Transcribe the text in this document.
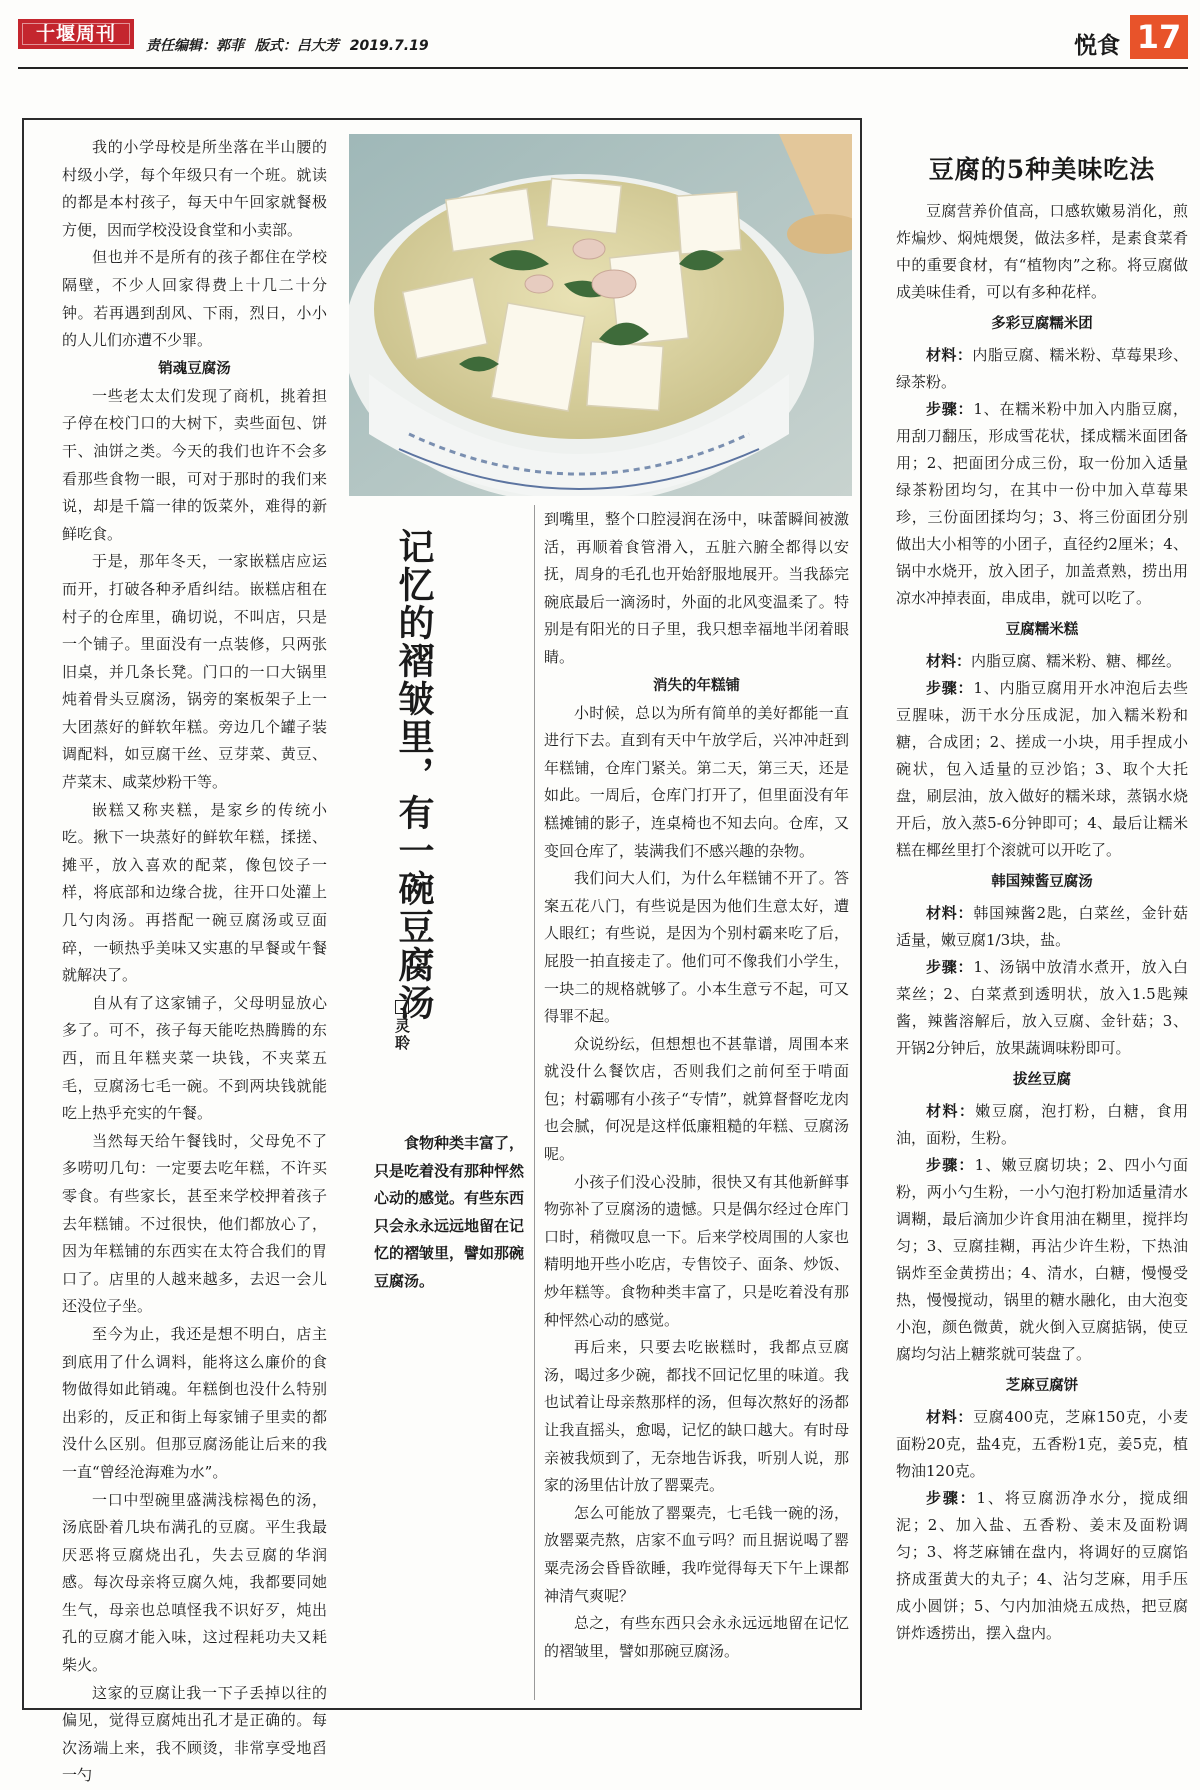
十堰周刊
责任编辑：郭菲 版式：吕大芳 2019.7.19	悦食 17

我的小学母校是所坐落在半山腰的村级小学，每个年级只有一个班。就读的都是本村孩子，每天中午回家就餐极方便，因而学校没设食堂和小卖部。

但也并不是所有的孩子都住在学校隔壁，不少人回家得费上十几二十分钟。若再遇到刮风、下雨，烈日，小小的人儿们亦遭不少罪。

销魂豆腐汤

一些老太太们发现了商机，挑着担子停在校门口的大树下，卖些面包、饼干、油饼之类。今天的我们也许不会多看那些食物一眼，可对于那时的我们来说，却是千篇一律的饭菜外，难得的新鲜吃食。

于是，那年冬天，一家嵌糕店应运而开，打破各种矛盾纠结。嵌糕店租在村子的仓库里，确切说，不叫店，只是一个铺子。里面没有一点装修，只两张旧桌，并几条长凳。门口的一口大锅里炖着骨头豆腐汤，锅旁的案板架子上一大团蒸好的鲜软年糕。旁边几个罐子装调配料，如豆腐干丝、豆芽菜、黄豆、芹菜末、咸菜炒粉干等。

嵌糕又称夹糕，是家乡的传统小吃。揪下一块蒸好的鲜软年糕，揉搓、摊平，放入喜欢的配菜，像包饺子一样，将底部和边缘合拢，往开口处灌上几勺肉汤。再搭配一碗豆腐汤或豆面碎，一顿热乎美味又实惠的早餐或午餐就解决了。

自从有了这家铺子，父母明显放心多了。可不，孩子每天能吃热腾腾的东西，而且年糕夹菜一块钱，不夹菜五毛，豆腐汤七毛一碗。不到两块钱就能吃上热乎充实的午餐。

当然每天给午餐钱时，父母免不了多唠叨几句：一定要去吃年糕，不许买零食。有些家长，甚至来学校押着孩子去年糕铺。不过很快，他们都放心了，因为年糕铺的东西实在太符合我们的胃口了。店里的人越来越多，去迟一会儿还没位子坐。

至今为止，我还是想不明白，店主到底用了什么调料，能将这么廉价的食物做得如此销魂。年糕倒也没什么特别出彩的，反正和街上每家铺子里卖的都没什么区别。但那豆腐汤能让后来的我一直“曾经沧海难为水”。

一口中型碗里盛满浅棕褐色的汤，汤底卧着几块布满孔的豆腐。平生我最厌恶将豆腐烧出孔，失去豆腐的华润感。每次母亲将豆腐久炖，我都要同她生气，母亲也总嗔怪我不识好歹，炖出孔的豆腐才能入味，这过程耗功夫又耗柴火。

这家的豆腐让我一下子丢掉以往的偏见，觉得豆腐炖出孔才是正确的。每次汤端上来，我不顾烫，非常享受地舀一勺

记忆的褶皱里，有一碗豆腐汤
灵聆
食物种类丰富了，只是吃着没有那种怦然心动的感觉。有些东西只会永永远远地留在记忆的褶皱里，譬如那碗豆腐汤。

到嘴里，整个口腔浸润在汤中，味蕾瞬间被激活，再顺着食管滑入，五脏六腑全都得以安抚，周身的毛孔也开始舒服地展开。当我舔完碗底最后一滴汤时，外面的北风变温柔了。特别是有阳光的日子里，我只想幸福地半闭着眼睛。

消失的年糕铺

小时候，总以为所有简单的美好都能一直进行下去。直到有天中午放学后，兴冲冲赶到年糕铺，仓库门紧关。第二天，第三天，还是如此。一周后，仓库门打开了，但里面没有年糕摊铺的影子，连桌椅也不知去向。仓库，又变回仓库了，装满我们不感兴趣的杂物。

我们问大人们，为什么年糕铺不开了。答案五花八门，有些说是因为他们生意太好，遭人眼红；有些说，是因为个别村霸来吃了后，屁股一拍直接走了。他们可不像我们小学生，一块二的规格就够了。小本生意亏不起，可又得罪不起。

众说纷纭，但想想也不甚靠谱，周围本来就没什么餐饮店，否则我们之前何至于啃面包；村霸哪有小孩子“专情”，就算督督吃龙肉也会腻，何况是这样低廉粗糙的年糕、豆腐汤呢。

小孩子们没心没肺，很快又有其他新鲜事物弥补了豆腐汤的遗憾。只是偶尔经过仓库门口时，稍微叹息一下。后来学校周围的人家也精明地开些小吃店，专售饺子、面条、炒饭、炒年糕等。食物种类丰富了，只是吃着没有那种怦然心动的感觉。

再后来，只要去吃嵌糕时，我都点豆腐汤，喝过多少碗，都找不回记忆里的味道。我也试着让母亲熬那样的汤，但每次熬好的汤都让我直摇头，愈喝，记忆的缺口越大。有时母亲被我烦到了，无奈地告诉我，听别人说，那家的汤里估计放了罂粟壳。

怎么可能放了罂粟壳，七毛钱一碗的汤，放罂粟壳熬，店家不血亏吗？而且据说喝了罂粟壳汤会昏昏欲睡，我咋觉得每天下午上课都神清气爽呢？

总之，有些东西只会永永远远地留在记忆的褶皱里，譬如那碗豆腐汤。

豆腐的5种美味吃法

豆腐营养价值高，口感软嫩易消化，煎炸煸炒、焖炖煨煲，做法多样，是素食菜肴中的重要食材，有“植物肉”之称。将豆腐做成美味佳肴，可以有多种花样。

多彩豆腐糯米团

材料：内脂豆腐、糯米粉、草莓果珍、绿茶粉。

步骤：1、在糯米粉中加入内脂豆腐，用刮刀翻压，形成雪花状，揉成糯米面团备用；2、把面团分成三份，取一份加入适量绿茶粉团均匀，在其中一份中加入草莓果珍，三份面团揉均匀；3、将三份面团分别做出大小相等的小团子，直径约2厘米；4、锅中水烧开，放入团子，加盖煮熟，捞出用凉水冲掉表面，串成串，就可以吃了。

豆腐糯米糕

材料：内脂豆腐、糯米粉、糖、椰丝。

步骤：1、内脂豆腐用开水冲泡后去些豆腥味，沥干水分压成泥，加入糯米粉和糖，合成团；2、搓成一小块，用手捏成小碗状，包入适量的豆沙馅；3、取个大托盘，刷层油，放入做好的糯米球，蒸锅水烧开后，放入蒸5-6分钟即可；4、最后让糯米糕在椰丝里打个滚就可以开吃了。

韩国辣酱豆腐汤

材料：韩国辣酱2匙，白菜丝，金针菇适量，嫩豆腐1/3块，盐。

步骤：1、汤锅中放清水煮开，放入白菜丝；2、白菜煮到透明状，放入1.5匙辣酱，辣酱溶解后，放入豆腐、金针菇；3、开锅2分钟后，放果蔬调味粉即可。

拔丝豆腐

材料：嫩豆腐，泡打粉，白糖，食用油，面粉，生粉。

步骤：1、嫩豆腐切块；2、四小勺面粉，两小勺生粉，一小勺泡打粉加适量清水调糊，最后滴加少许食用油在糊里，搅拌均匀；3、豆腐挂糊，再沾少许生粉，下热油锅炸至金黄捞出；4、清水，白糖，慢慢受热，慢慢搅动，锅里的糖水融化，由大泡变小泡，颜色微黄，就火倒入豆腐掂锅，使豆腐均匀沾上糖浆就可装盘了。

芝麻豆腐饼

材料：豆腐400克，芝麻150克，小麦面粉20克，盐4克，五香粉1克，姜5克，植物油120克。

步骤：1、将豆腐沥净水分，搅成细泥；2、加入盐、五香粉、姜末及面粉调匀；3、将芝麻铺在盘内，将调好的豆腐馅挤成蛋黄大的丸子；4、沾匀芝麻，用手压成小圆饼；5、勺内加油烧五成热，把豆腐饼炸透捞出，摆入盘内。
